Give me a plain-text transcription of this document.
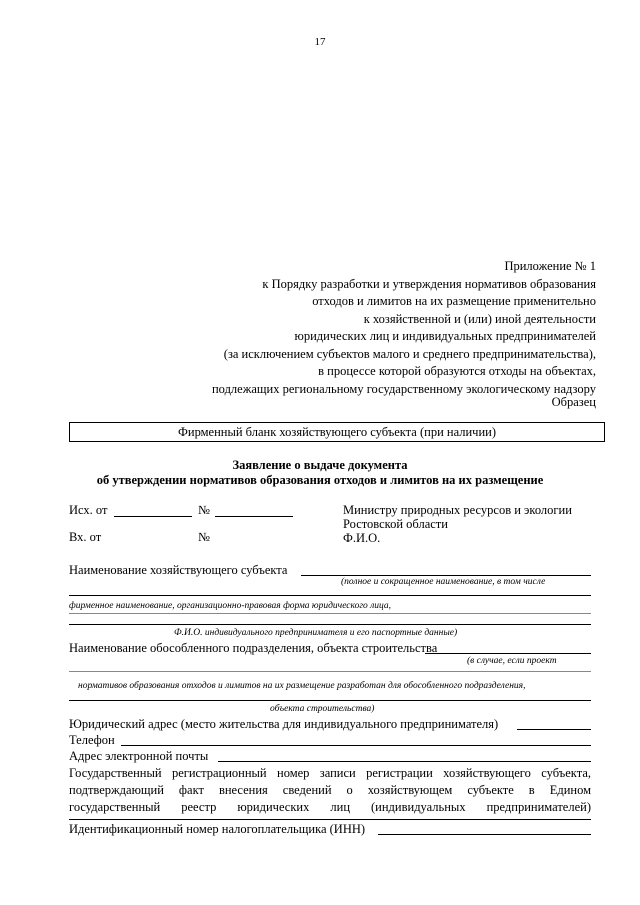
17
Приложение № 1
к Порядку разработки и утверждения нормативов образования
отходов и лимитов на их размещение применительно
к хозяйственной и (или) иной деятельности
юридических лиц и индивидуальных предпринимателей
(за исключением субъектов малого и среднего предпринимательства),
в процессе которой образуются отходы на объектах,
подлежащих региональному государственному экологическому надзору
Образец
Фирменный бланк хозяйствующего субъекта (при наличии)
Заявление о выдаче документа
об утверждении нормативов образования отходов и лимитов на их размещение
Исх. от	№
Вх. от	№
Министру природных ресурсов и экологии
Ростовской области
Ф.И.О.
Наименование хозяйствующего субъекта
(полное и сокращенное наименование, в том числе
фирменное наименование, организационно-правовая форма юридического лица,
Ф.И.О. индивидуального предпринимателя и его паспортные данные)
Наименование обособленного подразделения, объекта строительства
(в случае, если проект
нормативов образования отходов и лимитов на их размещение разработан для обособленного подразделения,
объекта строительства)
Юридический адрес (место жительства для индивидуального предпринимателя)
Телефон
Адрес электронной почты
Государственный регистрационный номер записи регистрации хозяйствующего субъекта,
подтверждающий факт внесения сведений о хозяйствующем субъекте в Едином
государственный реестр юридических лиц (индивидуальных предпринимателей)
Идентификационный номер налогоплательщика (ИНН)
